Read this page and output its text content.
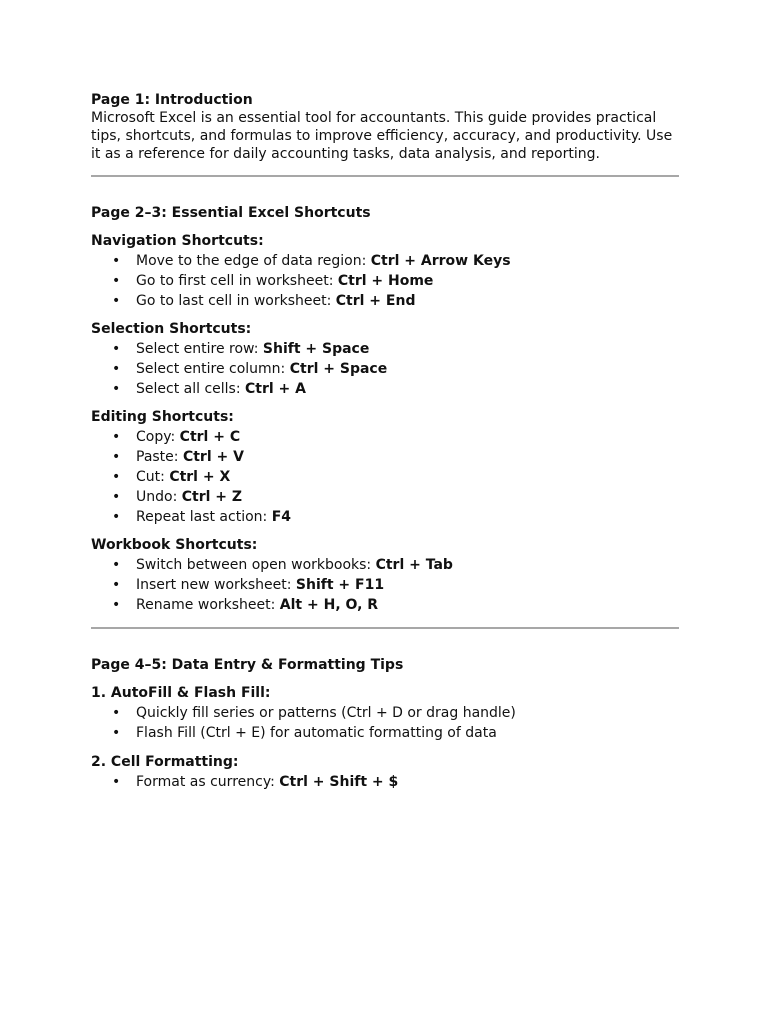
Page 1: Introduction

Microsoft Excel is an essential tool for accountants. This guide provides practical tips, shortcuts, and formulas to improve efficiency, accuracy, and productivity. Use it as a reference for daily accounting tasks, data analysis, and reporting.

Page 2–3: Essential Excel Shortcuts

Navigation Shortcuts:

• Move to the edge of data region: Ctrl + Arrow Keys
• Go to first cell in worksheet: Ctrl + Home
• Go to last cell in worksheet: Ctrl + End

Selection Shortcuts:

• Select entire row: Shift + Space
• Select entire column: Ctrl + Space
• Select all cells: Ctrl + A

Editing Shortcuts:

• Copy: Ctrl + C
• Paste: Ctrl + V
• Cut: Ctrl + X
• Undo: Ctrl + Z
• Repeat last action: F4

Workbook Shortcuts:

• Switch between open workbooks: Ctrl + Tab
• Insert new worksheet: Shift + F11
• Rename worksheet: Alt + H, O, R

Page 4–5: Data Entry & Formatting Tips

1. AutoFill & Flash Fill:

• Quickly fill series or patterns (Ctrl + D or drag handle)
• Flash Fill (Ctrl + E) for automatic formatting of data

2. Cell Formatting:

• Format as currency: Ctrl + Shift + $
